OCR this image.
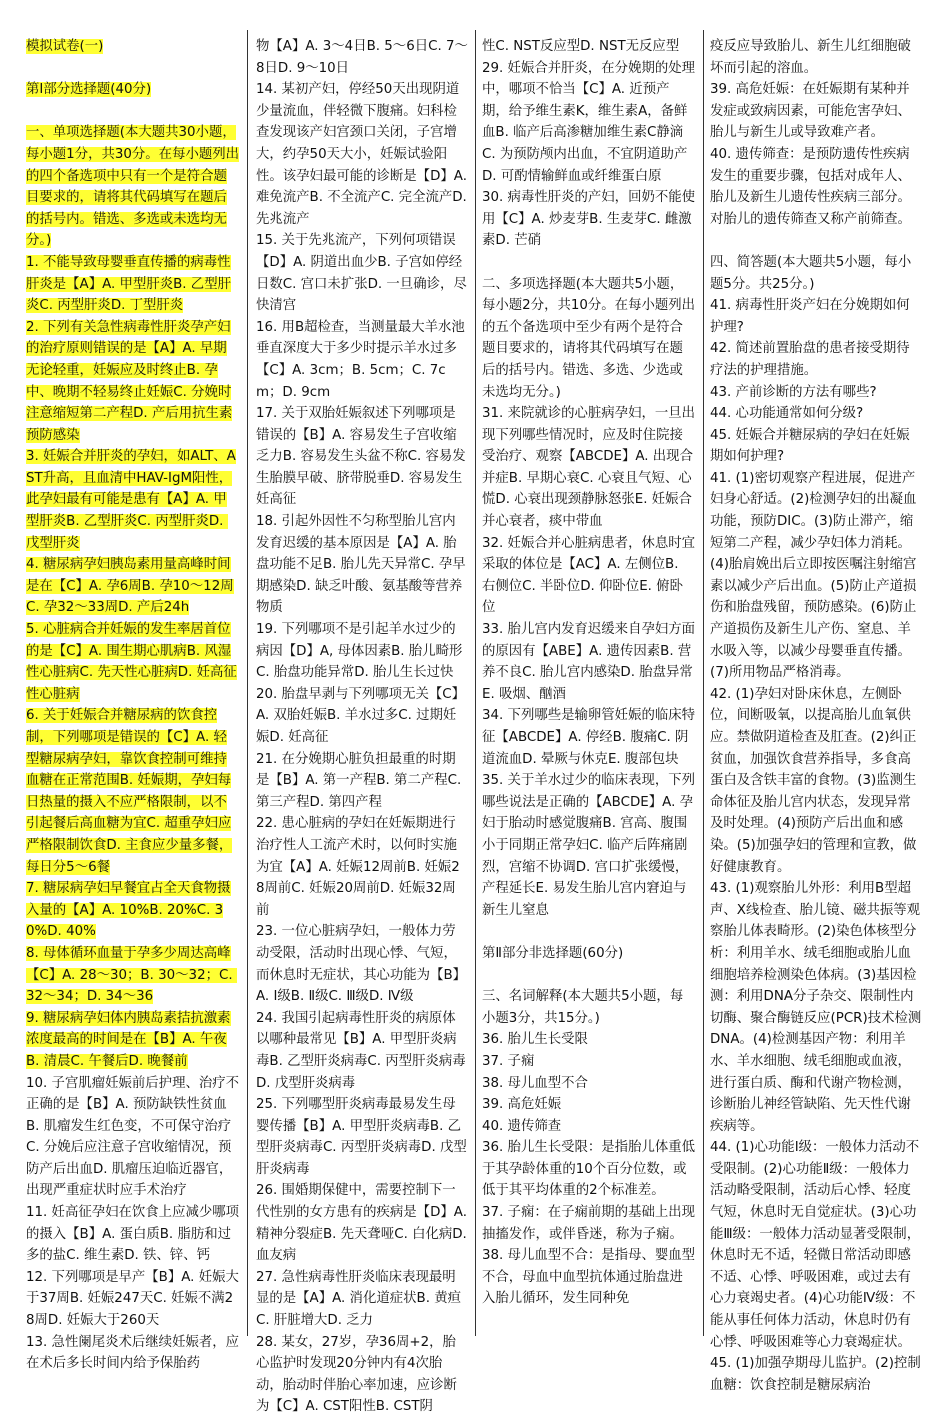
模拟试卷(一)

第Ⅰ部分选择题(40分)

一、单项选择题(本大题共30小题，每小题1分，共30分。在每小题列出的四个备选项中只有一个是符合题目要求的，请将其代码填写在题后的括号内。错选、多选或未选均无分。)

1. 不能导致母婴垂直传播的病毒性肝炎是【A】A. 甲型肝炎B. 乙型肝炎C. 丙型肝炎D. 丁型肝炎

2. 下列有关急性病毒性肝炎孕产妇的治疗原则错误的是【A】A. 早期无论轻重，妊娠应及时终止B. 孕中、晚期不轻易终止妊娠C. 分娩时注意缩短第二产程D. 产后用抗生素预防感染

3. 妊娠合并肝炎的孕妇，如ALT、AST升高，且血清中HAV-IgM阳性，此孕妇最有可能是患有【A】A. 甲型肝炎B. 乙型肝炎C. 丙型肝炎D. 戊型肝炎

4. 糖尿病孕妇胰岛素用量高峰时间是在【C】A. 孕6周B. 孕10～12周C. 孕32～33周D. 产后24h

5. 心脏病合并妊娠的发生率居首位的是【C】A. 围生期心肌病B. 风湿性心脏病C. 先天性心脏病D. 妊高征性心脏病

6. 关于妊娠合并糖尿病的饮食控制，下列哪项是错误的【C】A. 轻型糖尿病孕妇，靠饮食控制可维持血糖在正常范围B. 妊娠期，孕妇每日热量的摄入不应严格限制，以不引起餐后高血糖为宜C. 超重孕妇应严格限制饮食D. 主食应少量多餐，每日分5～6餐

7. 糖尿病孕妇早餐宜占全天食物摄入量的【A】A. 10%B. 20%C. 30%D. 40%

8. 母体循环血量于孕多少周达高峰【C】A. 28～30；B. 30～32；C. 32～34；D. 34～36

9. 糖尿病孕妇体内胰岛素拮抗激素浓度最高的时间是在【B】A. 午夜B. 清晨C. 午餐后D. 晚餐前

10. 子宫肌瘤妊娠前后护理、治疗不正确的是【B】A. 预防缺铁性贫血B. 肌瘤发生红色变，不可保守治疗C. 分娩后应注意子宫收缩情况，预防产后出血D. 肌瘤压迫临近器官，出现严重症状时应手术治疗

11. 妊高征孕妇在饮食上应减少哪项的摄入【B】A. 蛋白质B. 脂肪和过多的盐C. 维生素D. 铁、锌、钙

12. 下列哪项是早产【B】A. 妊娠大于37周B. 妊娠247天C. 妊娠不满28周D. 妊娠大于260天

13. 急性阑尾炎术后继续妊娠者，应在术后多长时间内给予保胎药

物【A】A. 3～4日B. 5～6日C. 7～8日D. 9～10日

14. 某初产妇，停经50天出现阴道少量流血，伴轻微下腹痛。妇科检查发现该产妇宫颈口关闭，子宫增大，约孕50天大小，妊娠试验阳性。该孕妇最可能的诊断是【D】A. 难免流产B. 不全流产C. 完全流产D. 先兆流产

15. 关于先兆流产，下列何项错误【D】A. 阴道出血少B. 子宫如停经日数C. 宫口未扩张D. 一旦确诊，尽快清宫

16. 用B超检查，当测量最大羊水池垂直深度大于多少时提示羊水过多【C】A. 3cm；B. 5cm；C. 7cm；D. 9cm

17. 关于双胎妊娠叙述下列哪项是错误的【B】A. 容易发生子宫收缩乏力B. 容易发生头盆不称C. 容易发生胎膜早破、脐带脱垂D. 容易发生妊高征

18. 引起外因性不匀称型胎儿宫内发育迟缓的基本原因是【A】A. 胎盘功能不足B. 胎儿先天异常C. 孕早期感染D. 缺乏叶酸、氨基酸等营养物质

19. 下列哪项不是引起羊水过少的病因【D】A, 母体因素B. 胎儿畸形C. 胎盘功能异常D. 胎儿生长过快

20. 胎盘早剥与下列哪项无关【C】A. 双胎妊娠B. 羊水过多C. 过期妊娠D. 妊高征

21. 在分娩期心脏负担最重的时期是【B】A. 第一产程B. 第二产程C. 第三产程D. 第四产程

22. 患心脏病的孕妇在妊娠期进行治疗性人工流产术时，以何时实施为宜【A】A. 妊娠12周前B. 妊娠28周前C. 妊娠20周前D. 妊娠32周前

23. 一位心脏病孕妇，一般体力劳动受限，活动时出现心悸、气短，而休息时无症状，其心功能为【B】A. Ⅰ级B. Ⅱ级C. Ⅲ级D. Ⅳ级

24. 我国引起病毒性肝炎的病原体以哪种最常见【B】A. 甲型肝炎病毒B. 乙型肝炎病毒C. 丙型肝炎病毒D. 戊型肝炎病毒

25. 下列哪型肝炎病毒最易发生母婴传播【B】A. 甲型肝炎病毒B. 乙型肝炎病毒C. 丙型肝炎病毒D. 戊型肝炎病毒

26. 围婚期保健中，需要控制下一代性别的女方患有的疾病是【D】A. 精神分裂症B. 先天聋哑C. 白化病D. 血友病

27. 急性病毒性肝炎临床表现最明显的是【A】A. 消化道症状B. 黄疸C. 肝脏增大D. 乏力

28. 某女，27岁，孕36周+2，胎心监护时发现20分钟内有4次胎动，胎动时伴胎心率加速，应诊断为【C】A. CST阳性B. CST阴

性C. NST反应型D. NST无反应型

29. 妊娠合并肝炎，在分娩期的处理中，哪项不恰当【C】A. 近预产期，给予维生素K，维生素A，备鲜血B. 临产后高渗糖加维生素C静滴C. 为预防颅内出血，不宜阴道助产D. 可酌情输鲜血或纤维蛋白原

30. 病毒性肝炎的产妇，回奶不能使用【C】A. 炒麦芽B. 生麦芽C. 雌激素D. 芒硝

二、多项选择题(本大题共5小题，每小题2分，共10分。在每小题列出的五个备选项中至少有两个是符合题目要求的，请将其代码填写在题后的括号内。错选、多选、少选或未选均无分。)

31. 来院就诊的心脏病孕妇，一旦出现下列哪些情况时，应及时住院接受治疗、观察【ABCDE】A. 出现合并症B. 早期心衰C. 心衰且气短、心慌D. 心衰出现颈静脉怒张E. 妊娠合并心衰者，痰中带血

32. 妊娠合并心脏病患者，休息时宜采取的体位是【AC】A. 左侧位B. 右侧位C. 半卧位D. 仰卧位E. 俯卧位

33. 胎儿宫内发育迟缓来自孕妇方面的原因有【ABE】A. 遗传因素B. 营养不良C. 胎儿宫内感染D. 胎盘异常E. 吸烟、酗酒

34. 下列哪些是输卵管妊娠的临床特征【ABCDE】A. 停经B. 腹痛C. 阴道流血D. 晕厥与休克E. 腹部包块

35. 关于羊水过少的临床表现，下列哪些说法是正确的【ABCDE】A. 孕妇于胎动时感觉腹痛B. 宫高、腹围小于同期正常孕妇C. 临产后阵痛剧烈，宫缩不协调D. 宫口扩张缓慢，产程延长E. 易发生胎儿宫内窘迫与新生儿窒息

第Ⅱ部分非选择题(60分)

三、名词解释(本大题共5小题，每小题3分，共15分。)

36. 胎儿生长受限

37. 子痫

38. 母儿血型不合

39. 高危妊娠

40. 遗传筛查

36. 胎儿生长受限：是指胎儿体重低于其孕龄体重的10个百分位数，或低于其平均体重的2个标准差。

37. 子痫：在子痫前期的基础上出现抽搐发作，或伴昏迷，称为子痫。

38. 母儿血型不合：是指母、婴血型不合，母血中血型抗体通过胎盘进入胎儿循环，发生同种免

疫反应导致胎儿、新生儿红细胞破坏而引起的溶血。

39. 高危妊娠：在妊娠期有某种并发症或致病因素，可能危害孕妇、胎儿与新生儿或导致难产者。

40. 遗传筛查：是预防遗传性疾病发生的重要步骤，包括对成年人、胎儿及新生儿遗传性疾病三部分。对胎儿的遗传筛查又称产前筛查。

四、简答题(本大题共5小题，每小题5分。共25分。)

41. 病毒性肝炎产妇在分娩期如何护理?

42. 简述前置胎盘的患者接受期待疗法的护理措施。

43. 产前诊断的方法有哪些?

44. 心功能通常如何分级?

45. 妊娠合并糖尿病的孕妇在妊娠期如何护理?

41. (1)密切观察产程进展，促进产妇身心舒适。(2)检测孕妇的出凝血功能，预防DIC。(3)防止滞产，缩短第二产程，减少孕妇体力消耗。(4)胎肩娩出后立即按医嘱注射缩宫素以减少产后出血。(5)防止产道损伤和胎盘残留，预防感染。(6)防止产道损伤及新生儿产伤、窒息、羊水吸入等，以减少母婴垂直传播。(7)所用物品严格消毒。

42. (1)孕妇对卧床休息，左侧卧位，间断吸氧，以提高胎儿血氧供应。禁做阴道检查及肛查。(2)纠正贫血，加强饮食营养指导，多食高蛋白及含铁丰富的食物。(3)监测生命体征及胎儿宫内状态，发现异常及时处理。(4)预防产后出血和感染。(5)加强孕妇的管理和宣教，做好健康教育。

43. (1)观察胎儿外形：利用B型超声、X线检查、胎儿镜、磁共振等观察胎儿体表畸形。(2)染色体核型分析：利用羊水、绒毛细胞或胎儿血细胞培养检测染色体病。(3)基因检测：利用DNA分子杂交、限制性内切酶、聚合酶链反应(PCR)技术检测DNA。(4)检测基因产物：利用羊水、羊水细胞、绒毛细胞或血液，进行蛋白质、酶和代谢产物检测，诊断胎儿神经管缺陷、先天性代谢疾病等。

44. (1)心功能Ⅰ级：一般体力活动不受限制。(2)心功能Ⅱ级：一般体力活动略受限制，活动后心悸、轻度气短，休息时无自觉症状。(3)心功能Ⅲ级：一般体力活动显著受限制，休息时无不适，轻微日常活动即感不适、心悸、呼吸困难，或过去有心力衰竭史者。(4)心功能Ⅳ级：不能从事任何体力活动，休息时仍有心悸、呼吸困难等心力衰竭症状。

45. (1)加强孕期母儿监护。(2)控制血糖：饮食控制是糖尿病治
